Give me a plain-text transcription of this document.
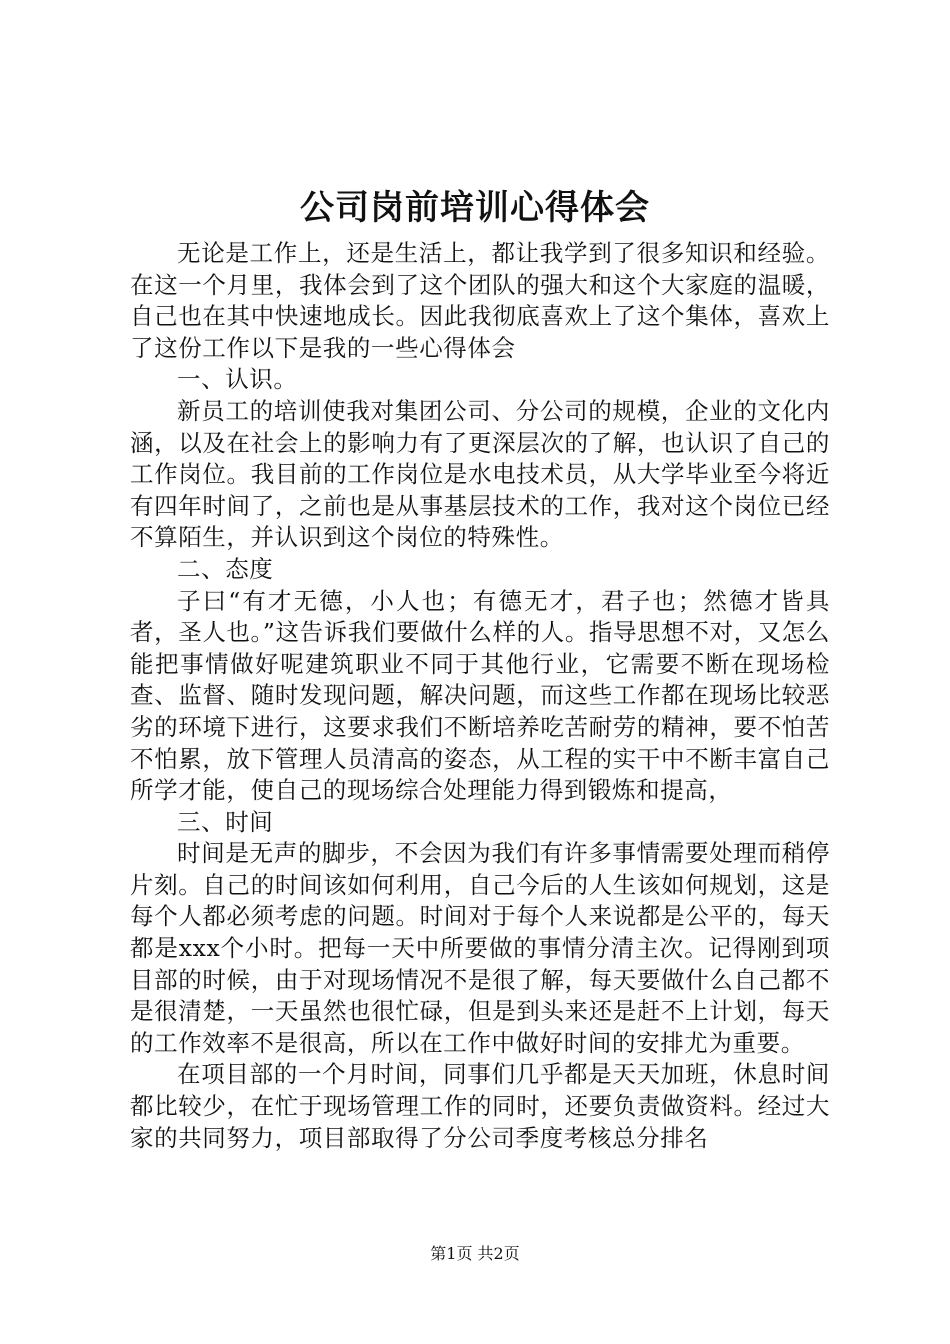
公司岗前培训心得体会

无论是工作上，还是生活上，都让我学到了很多知识和经验。在这一个月里，我体会到了这个团队的强大和这个大家庭的温暖，自己也在其中快速地成长。因此我彻底喜欢上了这个集体，喜欢上了这份工作以下是我的一些心得体会

一、认识。

新员工的培训使我对集团公司、分公司的规模，企业的文化内涵，以及在社会上的影响力有了更深层次的了解，也认识了自己的工作岗位。我目前的工作岗位是水电技术员，从大学毕业至今将近有四年时间了，之前也是从事基层技术的工作，我对这个岗位已经不算陌生，并认识到这个岗位的特殊性。

二、态度

子曰“有才无德，小人也；有德无才，君子也；然德才皆具者，圣人也。”这告诉我们要做什么样的人。指导思想不对，又怎么能把事情做好呢建筑职业不同于其他行业，它需要不断在现场检查、监督、随时发现问题，解决问题，而这些工作都在现场比较恶劣的环境下进行，这要求我们不断培养吃苦耐劳的精神，要不怕苦不怕累，放下管理人员清高的姿态，从工程的实干中不断丰富自己所学才能，使自己的现场综合处理能力得到锻炼和提高，

三、时间

时间是无声的脚步，不会因为我们有许多事情需要处理而稍停片刻。自己的时间该如何利用，自己今后的人生该如何规划，这是每个人都必须考虑的问题。时间对于每个人来说都是公平的，每天都是xxx个小时。把每一天中所要做的事情分清主次。记得刚到项目部的时候，由于对现场情况不是很了解，每天要做什么自己都不是很清楚，一天虽然也很忙碌，但是到头来还是赶不上计划，每天的工作效率不是很高，所以在工作中做好时间的安排尤为重要。

在项目部的一个月时间，同事们几乎都是天天加班，休息时间都比较少，在忙于现场管理工作的同时，还要负责做资料。经过大家的共同努力，项目部取得了分公司季度考核总分排名

第1页 共2页
